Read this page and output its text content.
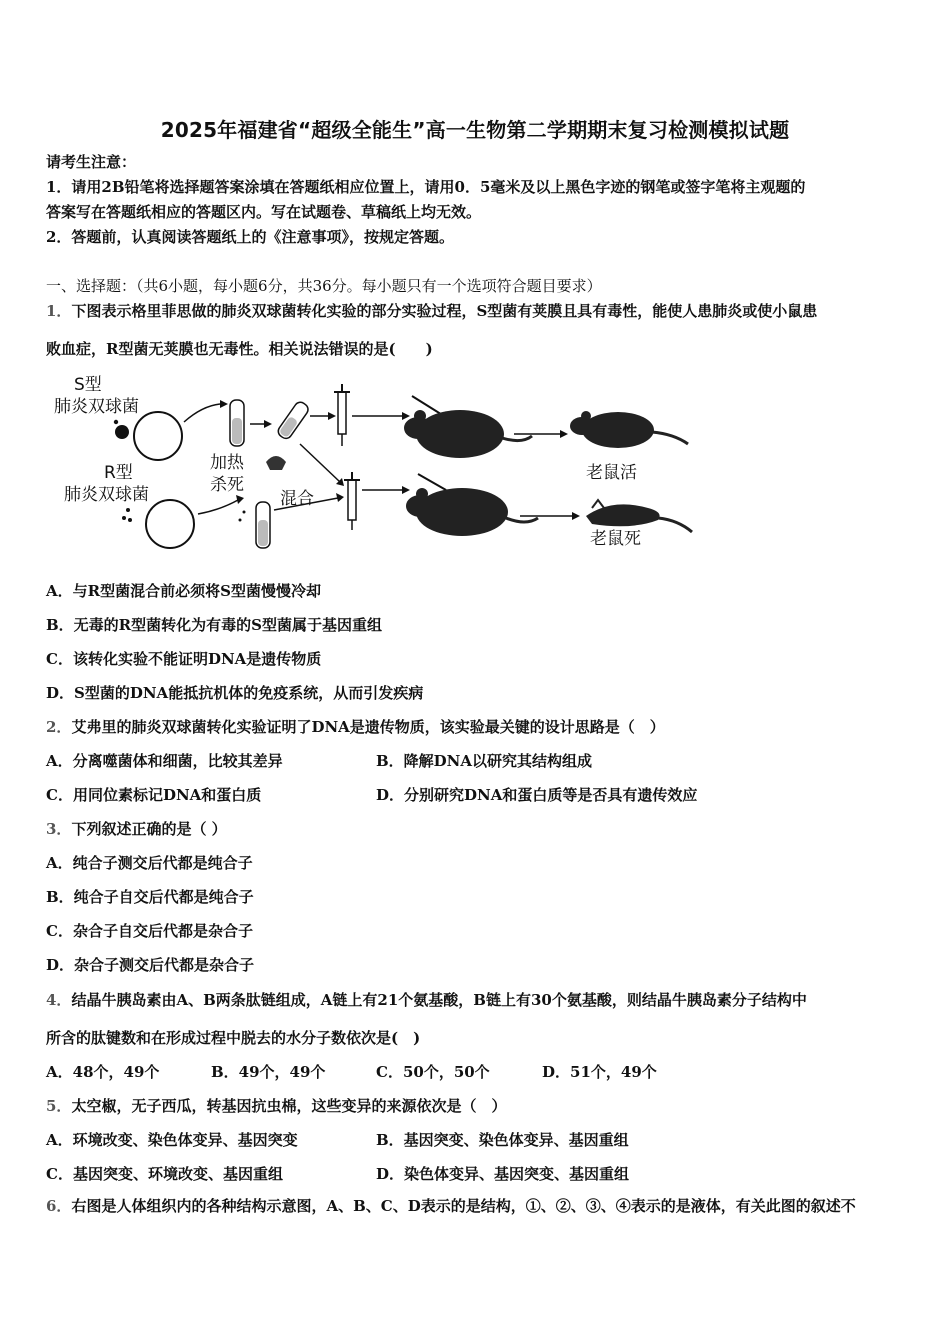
2025年福建省“超级全能生”高一生物第二学期期末复习检测模拟试题
请考生注意：
1．请用2B铅笔将选择题答案涂填在答题纸相应位置上，请用0．5毫米及以上黑色字迹的钢笔或签字笔将主观题的
答案写在答题纸相应的答题区内。写在试题卷、草稿纸上均无效。
2．答题前，认真阅读答题纸上的《注意事项》，按规定答题。
一、选择题：（共6小题，每小题6分，共36分。每小题只有一个选项符合题目要求）
1．下图表示格里菲思做的肺炎双球菌转化实验的部分实验过程，S型菌有荚膜且具有毒性，能使人患肺炎或使小鼠患
败血症，R型菌无荚膜也无毒性。相关说法错误的是(　　)
S型
肺炎双球菌
R型
肺炎双球菌
加热
杀死
混合
老鼠活
老鼠死
A．与R型菌混合前必须将S型菌慢慢冷却
B．无毒的R型菌转化为有毒的S型菌属于基因重组
C．该转化实验不能证明DNA是遗传物质
D．S型菌的DNA能抵抗机体的免疫系统，从而引发疾病
2．艾弗里的肺炎双球菌转化实验证明了DNA是遗传物质，该实验最关键的设计思路是（　）
A．分离噬菌体和细菌，比较其差异	B．降解DNA以研究其结构组成
C．用同位素标记DNA和蛋白质	D．分别研究DNA和蛋白质等是否具有遗传效应
3．下列叙述正确的是（ ）
A．纯合子测交后代都是纯合子
B．纯合子自交后代都是纯合子
C．杂合子自交后代都是杂合子
D．杂合子测交后代都是杂合子
4．结晶牛胰岛素由A、B两条肽链组成，A链上有21个氨基酸，B链上有30个氨基酸，则结晶牛胰岛素分子结构中
所含的肽键数和在形成过程中脱去的水分子数依次是(　)
A．48个，49个	B．49个，49个	C．50个，50个	D．51个，49个
5．太空椒，无子西瓜，转基因抗虫棉，这些变异的来源依次是（　）
A．环境改变、染色体变异、基因突变	B．基因突变、染色体变异、基因重组
C．基因突变、环境改变、基因重组	D．染色体变异、基因突变、基因重组
6．右图是人体组织内的各种结构示意图，A、B、C、D表示的是结构，①、②、③、④表示的是液体，有关此图的叙述不
